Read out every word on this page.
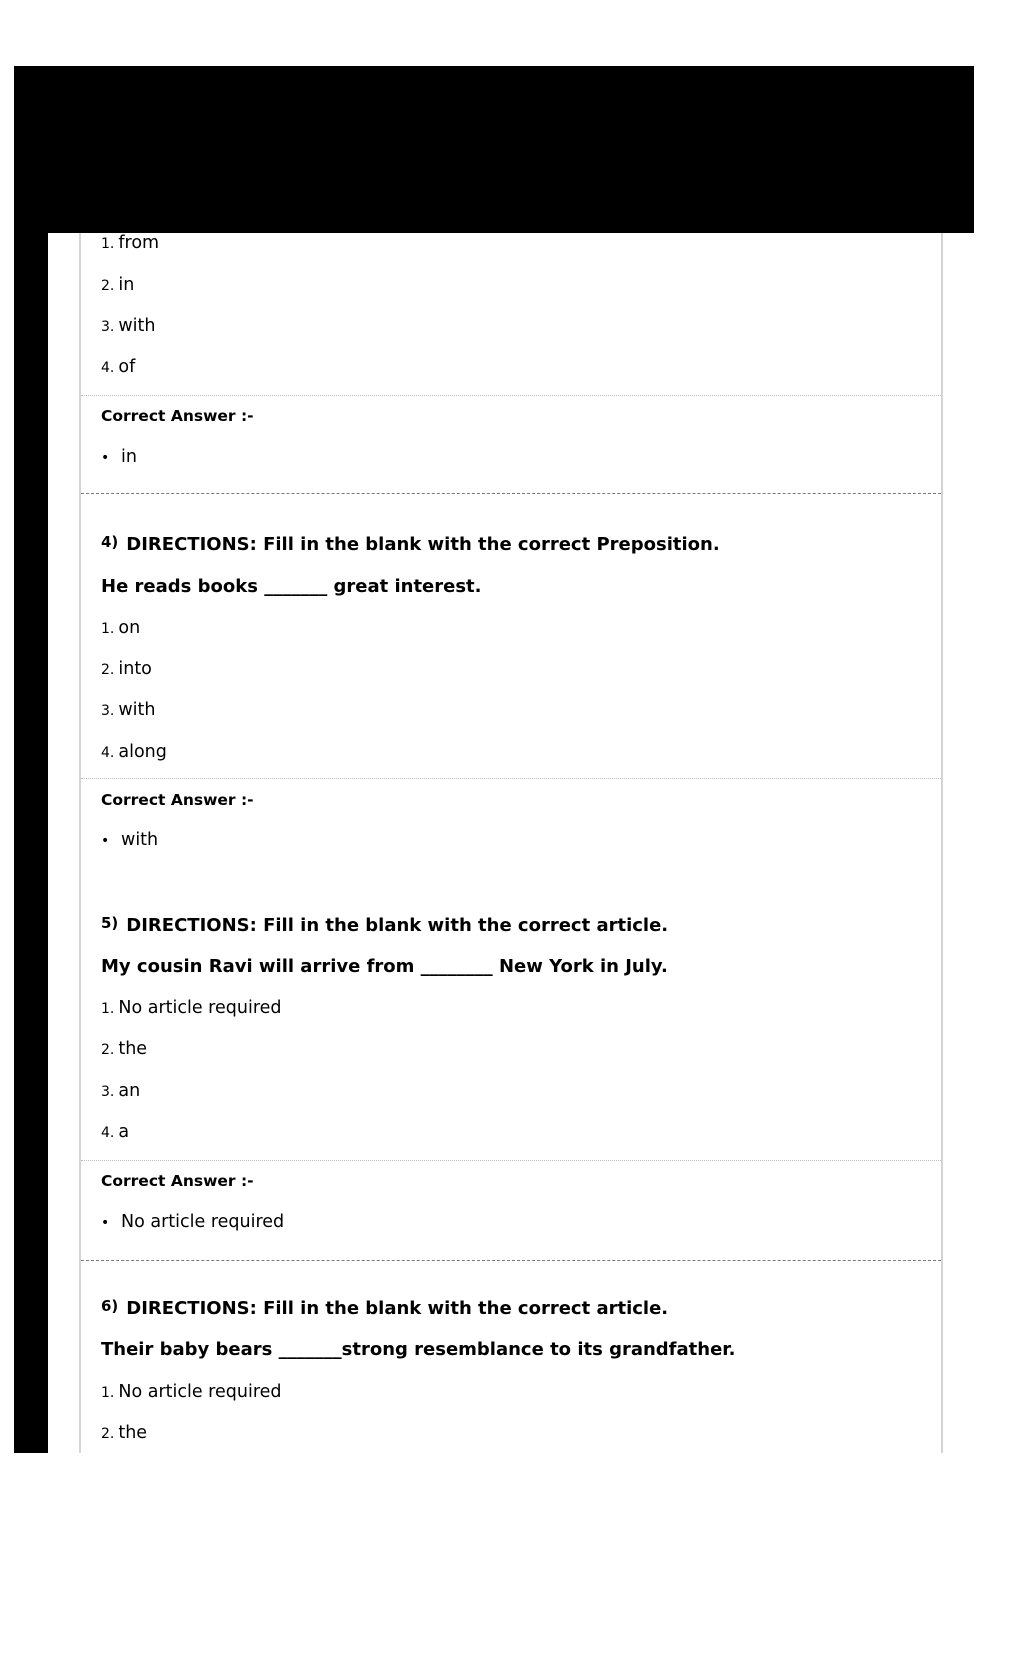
1. from
2. in
3. with
4. of
Correct Answer :-
• in
4) DIRECTIONS: Fill in the blank with the correct Preposition.
He reads books _______ great interest.
1. on
2. into
3. with
4. along
Correct Answer :-
• with
5) DIRECTIONS: Fill in the blank with the correct article.
My cousin Ravi will arrive from ________ New York in July.
1. No article required
2. the
3. an
4. a
Correct Answer :-
• No article required
6) DIRECTIONS: Fill in the blank with the correct article.
Their baby bears _______strong resemblance to its grandfather.
1. No article required
2. the
